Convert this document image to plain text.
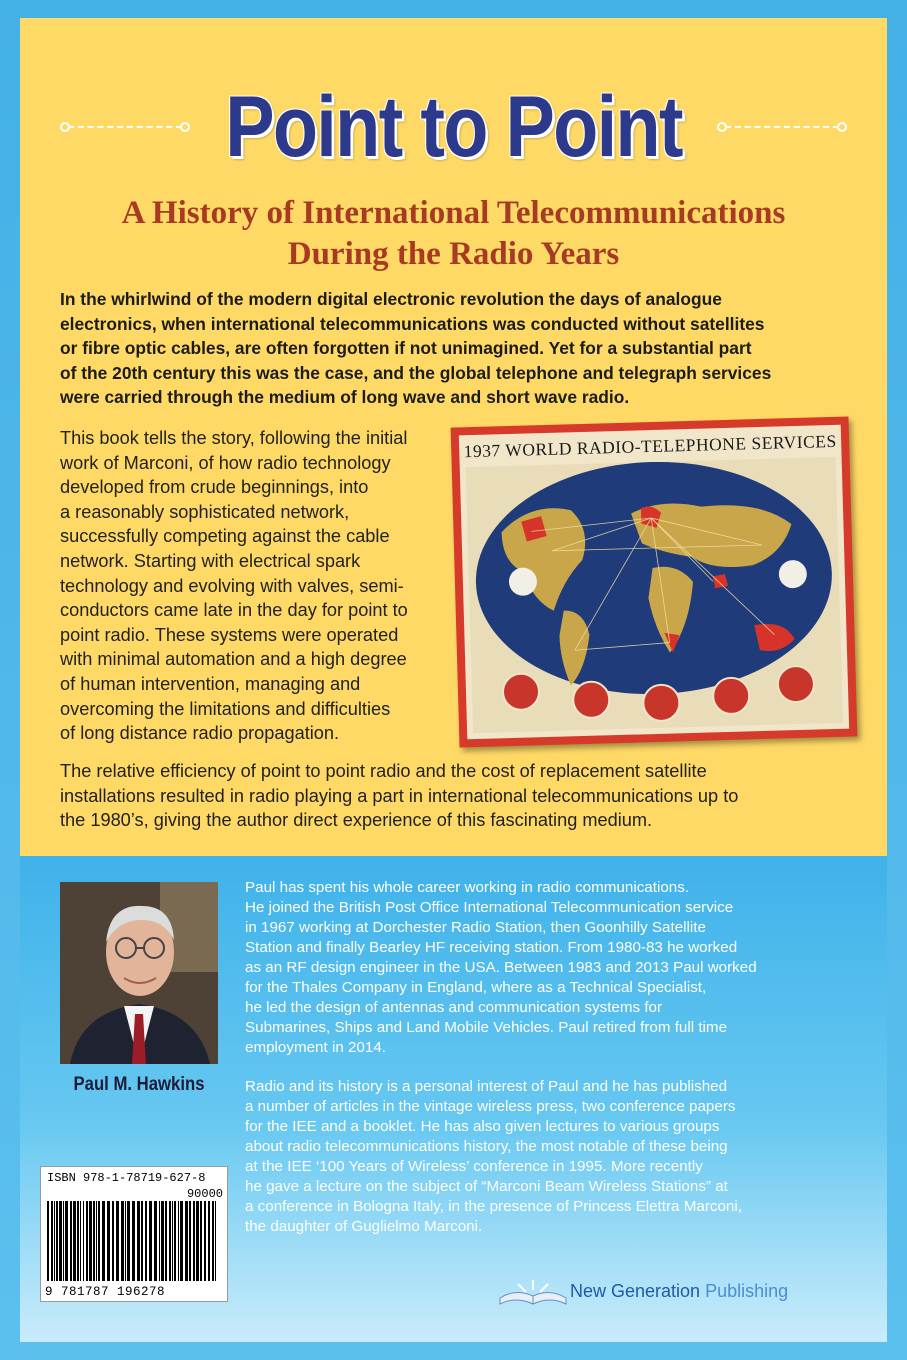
Point to Point
A History of International Telecommunications
During the Radio Years
In the whirlwind of the modern digital electronic revolution the days of analogue
electronics, when international telecommunications was conducted without satellites
or fibre optic cables, are often forgotten if not unimagined. Yet for a substantial part
of the 20th century this was the case, and the global telephone and telegraph services
were carried through the medium of long wave and short wave radio.
This book tells the story, following the initial
work of Marconi, of how radio technology
developed from crude beginnings, into
a reasonably sophisticated network,
successfully competing against the cable
network. Starting with electrical spark
technology and evolving with valves, semi-
conductors came late in the day for point to
point radio. These systems were operated
with minimal automation and a high degree
of human intervention, managing and
overcoming the limitations and difficulties
of long distance radio propagation.
1937 WORLD RADIO-TELEPHONE SERVICES
The relative efficiency of point to point radio and the cost of replacement satellite
installations resulted in radio playing a part in international telecommunications up to
the 1980’s, giving the author direct experience of this fascinating medium.
Paul M. Hawkins
Paul has spent his whole career working in radio communications.
He joined the British Post Office International Telecommunication service
in 1967 working at Dorchester Radio Station, then Goonhilly Satellite
Station and finally Bearley HF receiving station. From 1980-83 he worked
as an RF design engineer in the USA. Between 1983 and 2013 Paul worked
for the Thales Company in England, where as a Technical Specialist,
he led the design of antennas and communication systems for
Submarines, Ships and Land Mobile Vehicles. Paul retired from full time
employment in 2014.
Radio and its history is a personal interest of Paul and he has published
a number of articles in the vintage wireless press, two conference papers
for the IEE and a booklet. He has also given lectures to various groups
about radio telecommunications history, the most notable of these being
at the IEE ‘100 Years of Wireless’ conference in 1995. More recently
he gave a lecture on the subject of “Marconi Beam Wireless Stations” at
a conference in Bologna Italy, in the presence of Princess Elettra Marconi,
the daughter of Guglielmo Marconi.
ISBN 978-1-78719-627-8
90000
9 781787 196278	New Generation Publishing
